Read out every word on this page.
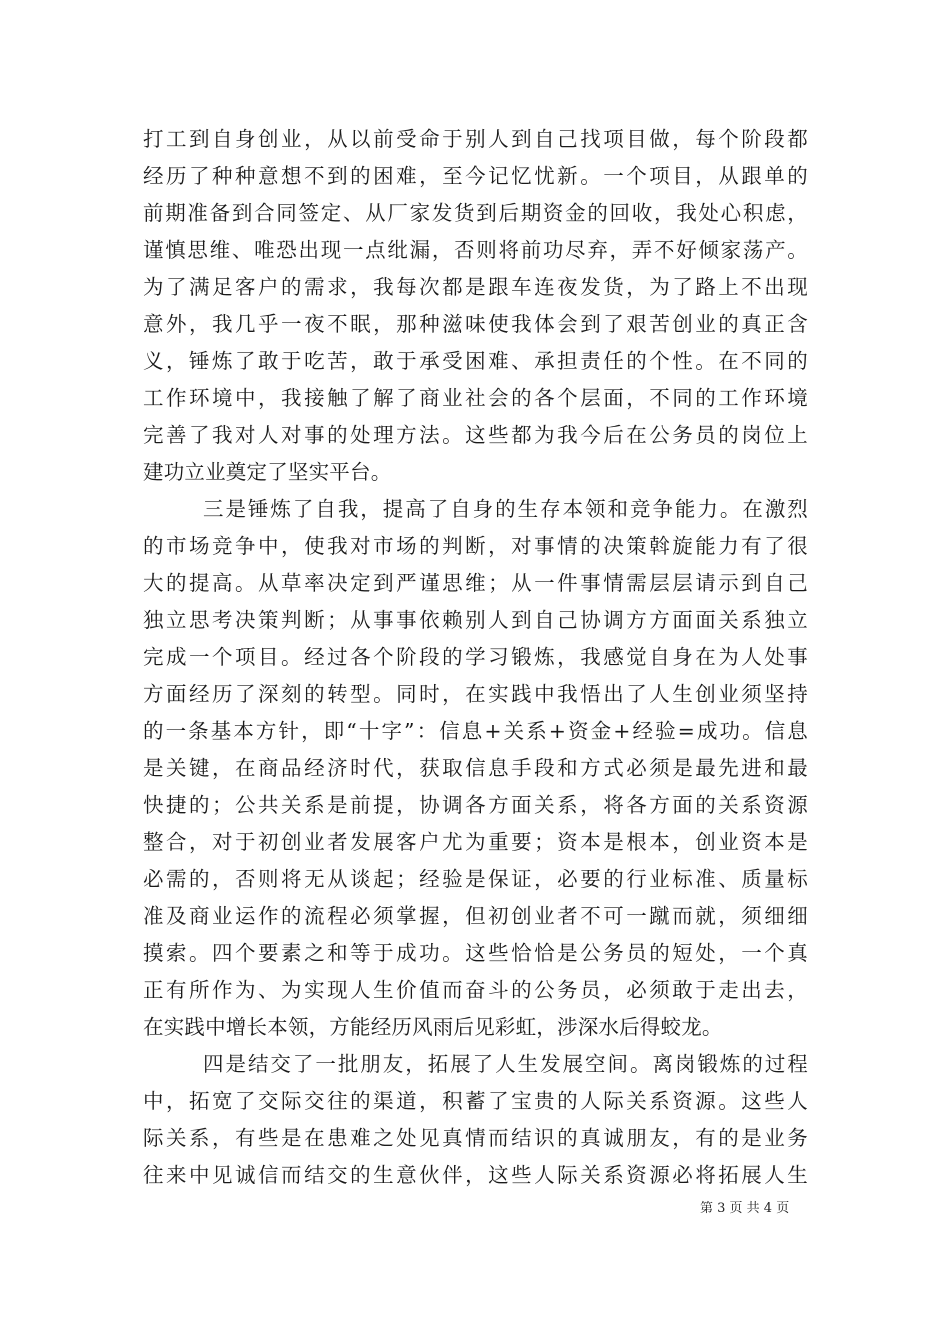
打工到自身创业，从以前受命于别人到自己找项目做，每个阶段都
经历了种种意想不到的困难，至今记忆忧新。一个项目，从跟单的
前期准备到合同签定、从厂家发货到后期资金的回收，我处心积虑，
谨慎思维、唯恐出现一点纰漏，否则将前功尽弃，弄不好倾家荡产。
为了满足客户的需求，我每次都是跟车连夜发货，为了路上不出现
意外，我几乎一夜不眠，那种滋味使我体会到了艰苦创业的真正含
义，锤炼了敢于吃苦，敢于承受困难、承担责任的个性。在不同的
工作环境中，我接触了解了商业社会的各个层面，不同的工作环境
完善了我对人对事的处理方法。这些都为我今后在公务员的岗位上
建功立业奠定了坚实平台。
三是锤炼了自我，提高了自身的生存本领和竞争能力。在激烈
的市场竞争中，使我对市场的判断，对事情的决策斡旋能力有了很
大的提高。从草率决定到严谨思维；从一件事情需层层请示到自己
独立思考决策判断；从事事依赖别人到自己协调方方面面关系独立
完成一个项目。经过各个阶段的学习锻炼，我感觉自身在为人处事
方面经历了深刻的转型。同时，在实践中我悟出了人生创业须坚持
的一条基本方针，即“十字”：信息+关系+资金+经验=成功。信息
是关键，在商品经济时代，获取信息手段和方式必须是最先进和最
快捷的；公共关系是前提，协调各方面关系，将各方面的关系资源
整合，对于初创业者发展客户尤为重要；资本是根本，创业资本是
必需的，否则将无从谈起；经验是保证，必要的行业标准、质量标
准及商业运作的流程必须掌握，但初创业者不可一蹴而就，须细细
摸索。四个要素之和等于成功。这些恰恰是公务员的短处，一个真
正有所作为、为实现人生价值而奋斗的公务员，必须敢于走出去，
在实践中增长本领，方能经历风雨后见彩虹，涉深水后得蛟龙。
四是结交了一批朋友，拓展了人生发展空间。离岗锻炼的过程
中，拓宽了交际交往的渠道，积蓄了宝贵的人际关系资源。这些人
际关系，有些是在患难之处见真情而结识的真诚朋友，有的是业务
往来中见诚信而结交的生意伙伴，这些人际关系资源必将拓展人生
第 3 页 共 4 页
